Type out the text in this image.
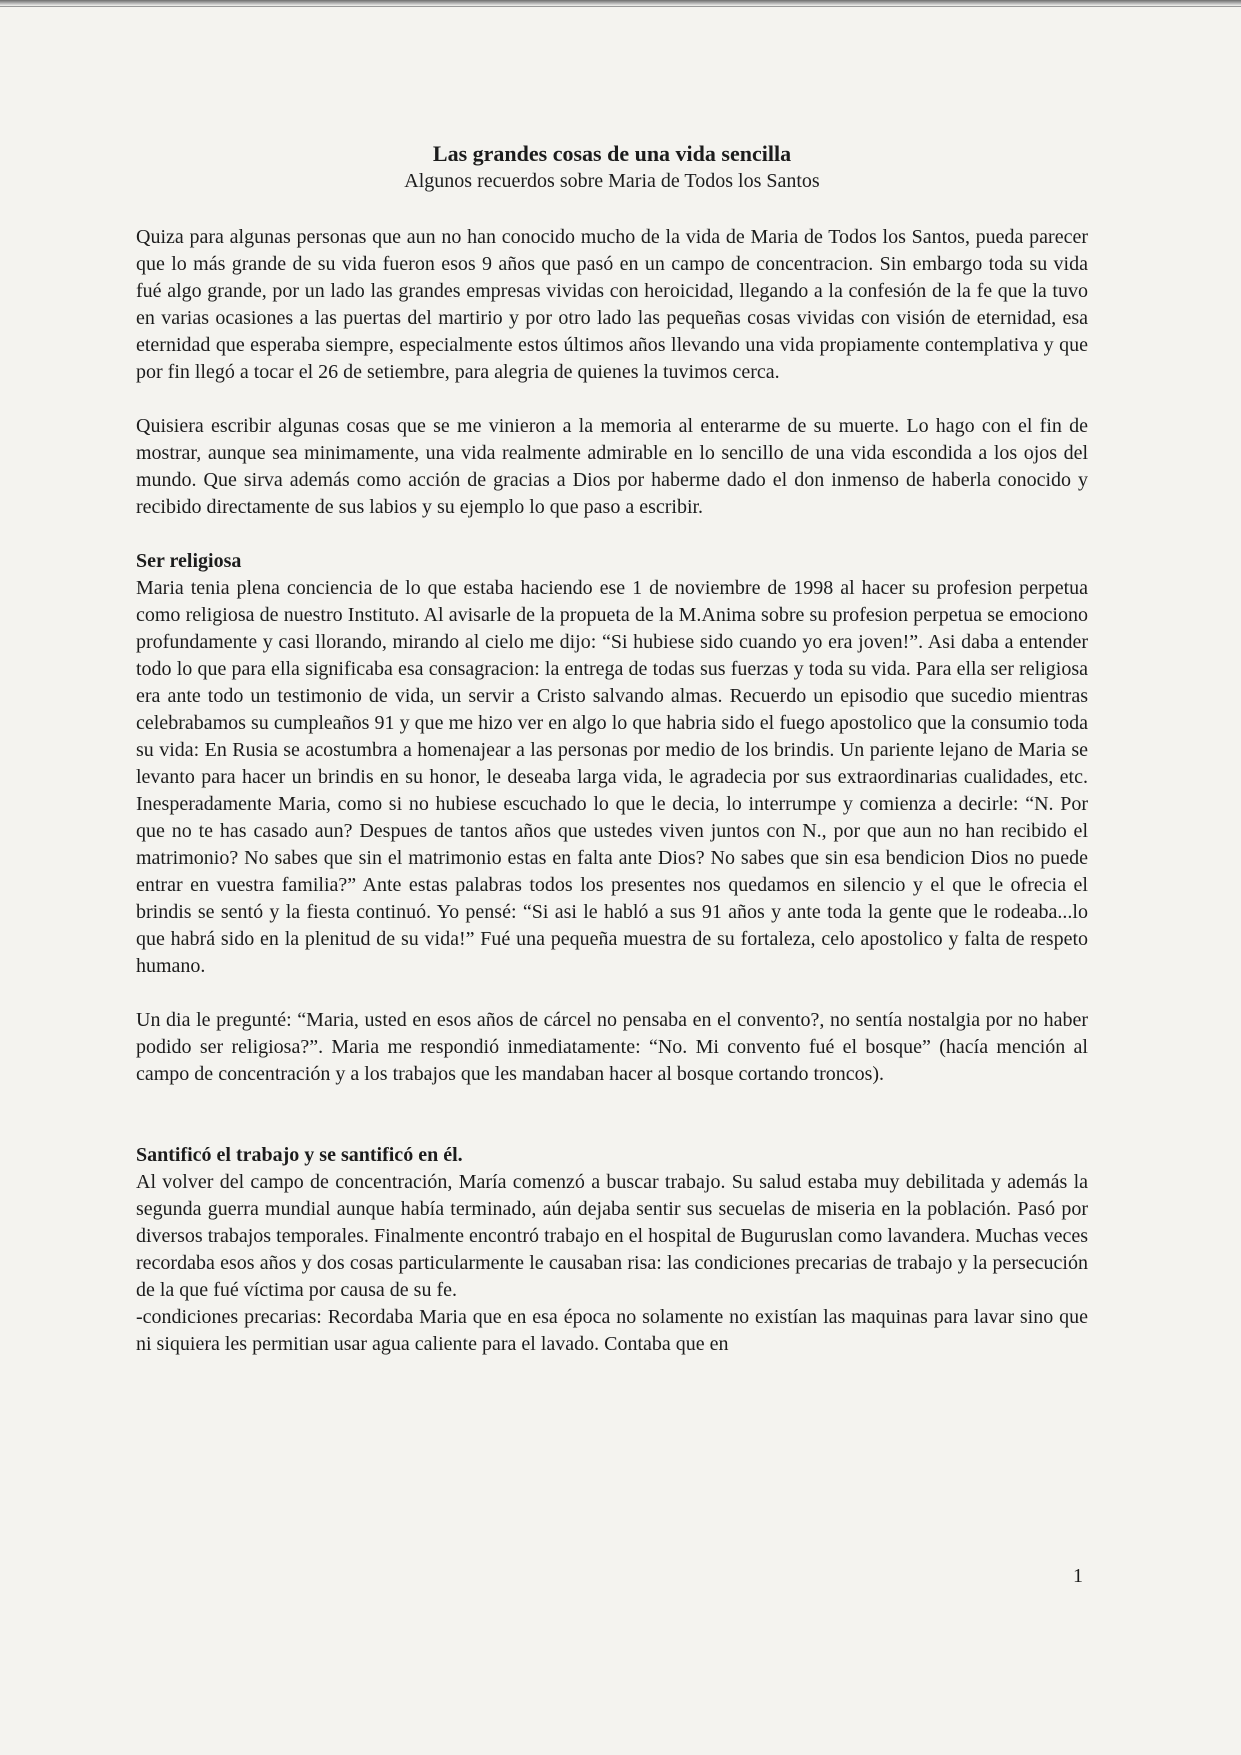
Las grandes cosas de una vida sencilla
Algunos recuerdos sobre Maria de Todos los Santos

Quiza para algunas personas que aun no han conocido mucho de la vida de Maria de Todos los Santos, pueda parecer que lo más grande de su vida fueron esos 9 años que pasó en un campo de concentracion. Sin embargo toda su vida fué algo grande, por un lado las grandes empresas vividas con heroicidad, llegando a la confesión de la fe que la tuvo en varias ocasiones a las puertas del martirio y por otro lado las pequeñas cosas vividas con visión de eternidad, esa eternidad que esperaba siempre, especialmente estos últimos años llevando una vida propiamente contemplativa y que por fin llegó a tocar el 26 de setiembre, para alegria de quienes la tuvimos cerca.

Quisiera escribir algunas cosas que se me vinieron a la memoria al enterarme de su muerte. Lo hago con el fin de mostrar, aunque sea minimamente, una vida realmente admirable en lo sencillo de una vida escondida a los ojos del mundo. Que sirva además como acción de gracias a Dios por haberme dado el don inmenso de haberla conocido y recibido directamente de sus labios y su ejemplo lo que paso a escribir.

Ser religiosa

Maria tenia plena conciencia de lo que estaba haciendo ese 1 de noviembre de 1998 al hacer su profesion perpetua como religiosa de nuestro Instituto. Al avisarle de la propueta de la M.Anima sobre su profesion perpetua se emociono profundamente y casi llorando, mirando al cielo me dijo: “Si hubiese sido cuando yo era joven!”. Asi daba a entender todo lo que para ella significaba esa consagracion: la entrega de todas sus fuerzas y toda su vida. Para ella ser religiosa era ante todo un testimonio de vida, un servir a Cristo salvando almas. Recuerdo un episodio que sucedio mientras celebrabamos su cumpleaños 91 y que me hizo ver en algo lo que habria sido el fuego apostolico que la consumio toda su vida: En Rusia se acostumbra a homenajear a las personas por medio de los brindis. Un pariente lejano de Maria se levanto para hacer un brindis en su honor, le deseaba larga vida, le agradecia por sus extraordinarias cualidades, etc. Inesperadamente Maria, como si no hubiese escuchado lo que le decia, lo interrumpe y comienza a decirle: “N. Por que no te has casado aun? Despues de tantos años que ustedes viven juntos con N., por que aun no han recibido el matrimonio? No sabes que sin el matrimonio estas en falta ante Dios? No sabes que sin esa bendicion Dios no puede entrar en vuestra familia?” Ante estas palabras todos los presentes nos quedamos en silencio y el que le ofrecia el brindis se sentó y la fiesta continuó. Yo pensé: “Si asi le habló a sus 91 años y ante toda la gente que le rodeaba...lo que habrá sido en la plenitud de su vida!” Fué una pequeña muestra de su fortaleza, celo apostolico y falta de respeto humano.

Un dia le pregunté: “Maria, usted en esos años de cárcel no pensaba en el convento?, no sentía nostalgia por no haber podido ser religiosa?”. Maria me respondió inmediatamente: “No. Mi convento fué el bosque” (hacía mención al campo de concentración y a los trabajos que les mandaban hacer al bosque cortando troncos).

Santificó el trabajo y se santificó en él.

Al volver del campo de concentración, María comenzó a buscar trabajo. Su salud estaba muy debilitada y además la segunda guerra mundial aunque había terminado, aún dejaba sentir sus secuelas de miseria en la población. Pasó por diversos trabajos temporales. Finalmente encontró trabajo en el hospital de Buguruslan como lavandera. Muchas veces recordaba esos años y dos cosas particularmente le causaban risa: las condiciones precarias de trabajo y la persecución de la que fué víctima por causa de su fe.

-condiciones precarias: Recordaba Maria que en esa época no solamente no existían las maquinas para lavar sino que ni siquiera les permitian usar agua caliente para el lavado. Contaba que en

1
